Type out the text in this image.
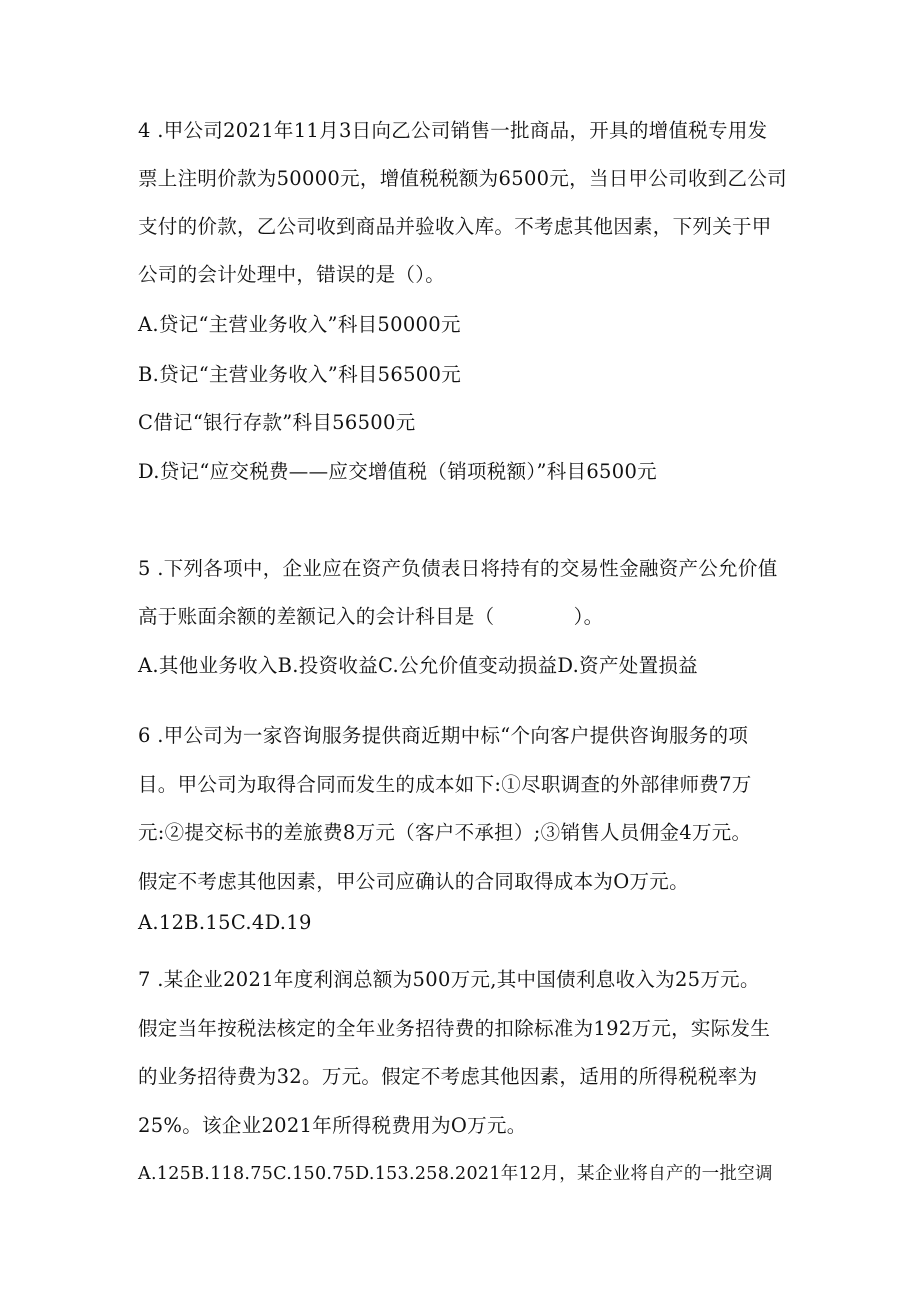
4 .甲公司2021年11月3日向乙公司销售一批商品，开具的增值税专用发
票上注明价款为50000元，增值税税额为6500元，当日甲公司收到乙公司
支付的价款，乙公司收到商品并验收入库。不考虑其他因素，下列关于甲
公司的会计处理中，错误的是（）。
A.贷记“主营业务收入”科目50000元
B.贷记“主营业务收入”科目56500元
C借记“银行存款”科目56500元
D.贷记“应交税费——应交增值税（销项税额）”科目6500元
5 .下列各项中，企业应在资产负债表日将持有的交易性金融资产公允价值
高于账面余额的差额记入的会计科目是（　　　　）。
A.其他业务收入B.投资收益C.公允价值变动损益D.资产处置损益
6 .甲公司为一家咨询服务提供商近期中标“个向客户提供咨询服务的项
目。甲公司为取得合同而发生的成本如下:①尽职调查的外部律师费7万
元:②提交标书的差旅费8万元（客户不承担）;③销售人员佣金4万元。
假定不考虑其他因素，甲公司应确认的合同取得成本为O万元。
A.12B.15C.4D.19
7 .某企业2021年度利润总额为500万元,其中国债利息收入为25万元。
假定当年按税法核定的全年业务招待费的扣除标准为192万元，实际发生
的业务招待费为32。万元。假定不考虑其他因素，适用的所得税税率为
25%。该企业2021年所得税费用为O万元。
A.125B.118.75C.150.75D.153.258.2021年12月，某企业将自产的一批空调
